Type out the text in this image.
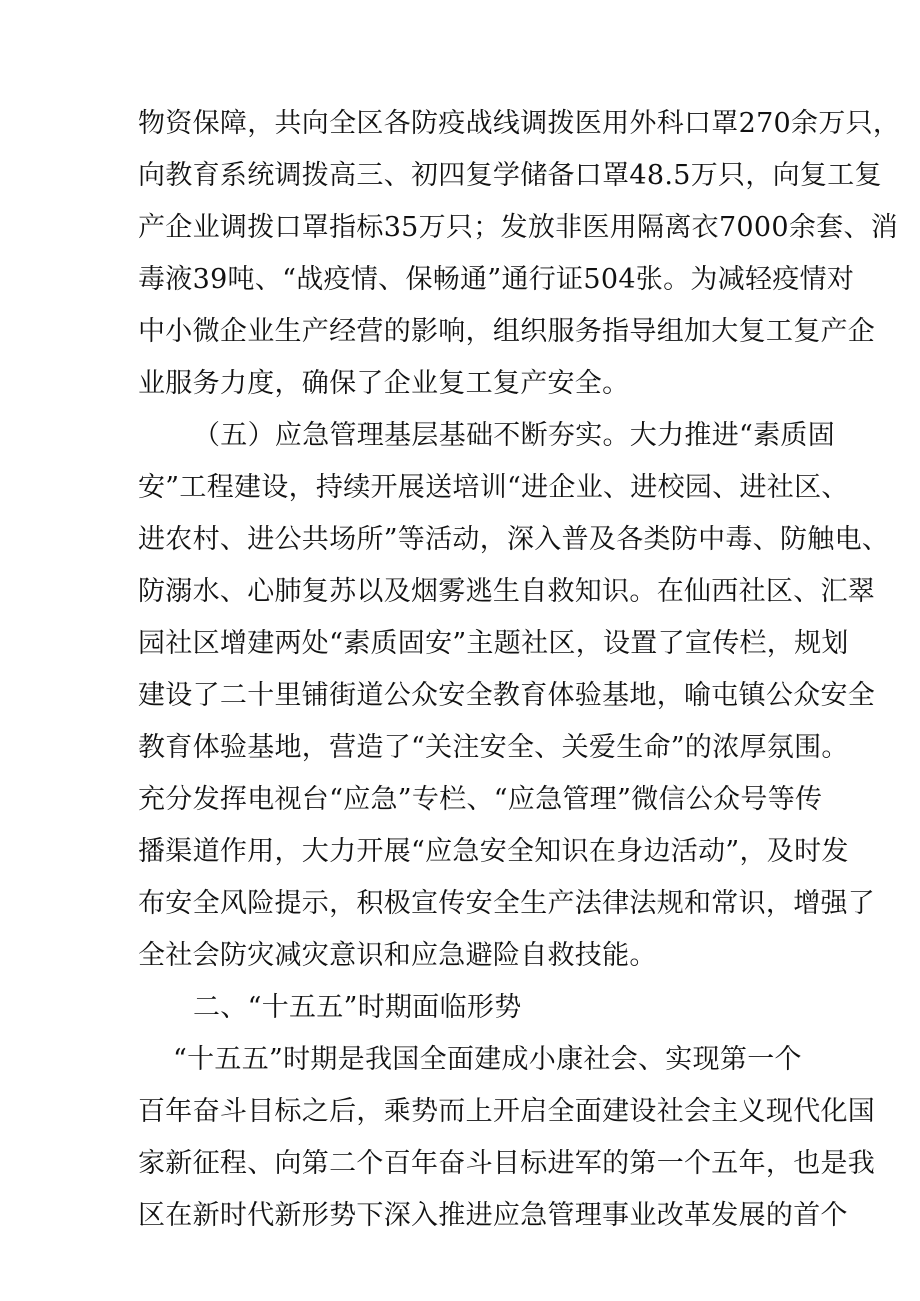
物资保障，共向全区各防疫战线调拨医用外科口罩270余万只，

向教育系统调拨高三、初四复学储备口罩48.5万只，向复工复

产企业调拨口罩指标35万只；发放非医用隔离衣7000余套、消

毒液39吨、“战疫情、保畅通”通行证504张。为减轻疫情对

中小微企业生产经营的影响，组织服务指导组加大复工复产企

业服务力度，确保了企业复工复产安全。

（五）应急管理基层基础不断夯实。大力推进“素质固

安”工程建设，持续开展送培训“进企业、进校园、进社区、

进农村、进公共场所”等活动，深入普及各类防中毒、防触电、

防溺水、心肺复苏以及烟雾逃生自救知识。在仙西社区、汇翠

园社区增建两处“素质固安”主题社区，设置了宣传栏，规划

建设了二十里铺街道公众安全教育体验基地，喻屯镇公众安全

教育体验基地，营造了“关注安全、关爱生命”的浓厚氛围。

充分发挥电视台“应急”专栏、“应急管理”微信公众号等传

播渠道作用，大力开展“应急安全知识在身边活动”，及时发

布安全风险提示，积极宣传安全生产法律法规和常识，增强了

全社会防灾减灾意识和应急避险自救技能。

二、“十五五”时期面临形势

“十五五”时期是我国全面建成小康社会、实现第一个

百年奋斗目标之后，乘势而上开启全面建设社会主义现代化国

家新征程、向第二个百年奋斗目标进军的第一个五年，也是我

区在新时代新形势下深入推进应急管理事业改革发展的首个
